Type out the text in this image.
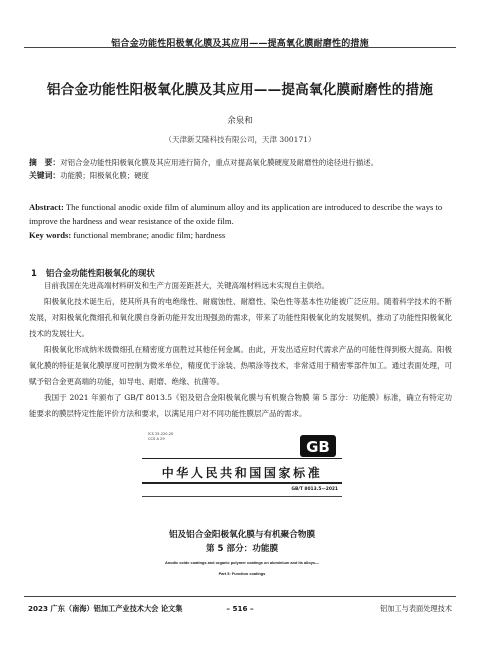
铝合金功能性阳极氧化膜及其应用——提高氧化膜耐磨性的措施
铝合金功能性阳极氧化膜及其应用——提高氧化膜耐磨性的措施
余泉和
（天津新艾隆科技有限公司，天津 300171）
摘　要：对铝合金功能性阳极氧化膜及其应用进行简介，重点对提高氧化膜硬度及耐磨性的途径进行描述。
关键词：功能膜；阳极氧化膜；硬度
Abstract: The functional anodic oxide film of aluminum alloy and its application are introduced to describe the ways to improve the hardness and wear resistance of the oxide film.
Key words: functional membrane; anodic film; hardness
1 铝合金功能性阳极氧化的现状
目前我国在先进高端材料研发和生产方面差距甚大，关键高端材料远未实现自主供给。
阳极氧化技术诞生后，使其所具有的电绝缘性、耐腐蚀性、耐磨性、染色性等基本性功能被广泛应用。随着科学技术的不断发展，对阳极氧化微细孔和氧化膜自身新功能开发出现强劲的需求，带来了功能性阳极氧化的发展契机，推动了功能性阳极氧化技术的发展壮大。
阳极氧化形成纳米级微细孔在精密度方面胜过其他任何金属。由此，开发出适应时代需求产品的可能性得到极大提高。阳极氧化膜的特征是氧化膜厚度可控制为微米单位，精度优于涂装、热喷涂等技术，非常适用于精密零部件加工。通过表面处理，可赋予铝合金更高端的功能，如导电、耐磨、绝缘、抗菌等。
我国于 2021 年颁布了 GB/T 8013.5《铝及铝合金阳极氧化膜与有机聚合物膜 第 5 部分：功能膜》标准，确立有特定功能要求的膜层特定性能评价方法和要求，以满足用户对不同功能性膜层产品的需求。
ICS 25.220.20
CCS A 29	GB
中华人民共和国国家标准
GB/T 8013.5—2021
铝及铝合金阳极氧化膜与有机聚合物膜
第 5 部分：功能膜
Anodic oxide coatings and organic polymer coatings on aluminium and its alloys—
Part 5: Function coatings
2023 广东（南海）铝加工产业技术大会 论文集	– 516 –	铝加工与表面处理技术
